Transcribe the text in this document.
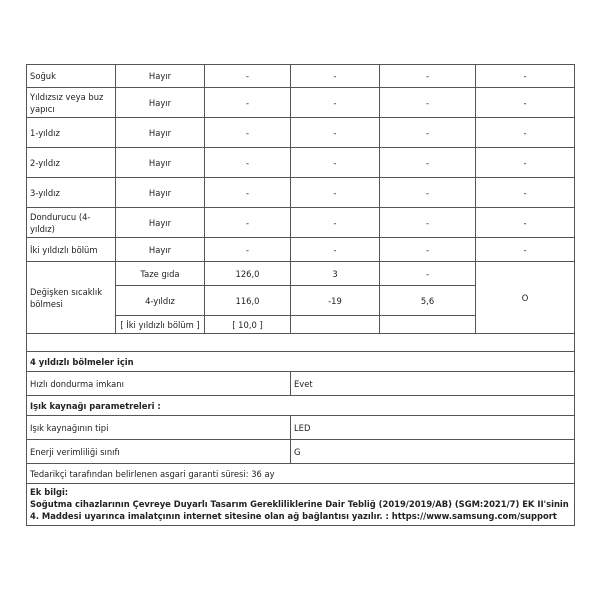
Soğuk	Hayır	-	-	-	-
Yıldızsız veya buz yapıcı	Hayır	-	-	-	-
1-yıldız	Hayır	-	-	-	-
2-yıldız	Hayır	-	-	-	-
3-yıldız	Hayır	-	-	-	-
Dondurucu (4-yıldız)	Hayır	-	-	-	-
İki yıldızlı bölüm	Hayır	-	-	-	-
Değişken sıcaklık bölmesi	Taze gıda	126,0	3	-	O
	4-yıldız	116,0	-19	5,6	
	[ İki yıldızlı bölüm ]	[ 10,0 ]			

4 yıldızlı bölmeler için					
Hızlı dondurma imkanı			Evet		
Işık kaynağı parametreleri :					
Işık kaynağının tipi			LED		
Enerji verimliliği sınıfı			G		
Tedarikçi tarafından belirlenen asgari garanti süresi: 36 ay					

Ek bilgi:
Soğutma cihazlarının Çevreye Duyarlı Tasarım Gerekliliklerine Dair Tebliğ (2019/2019/AB) (SGM:2021/7) EK II'sinin 4. Maddesi uyarınca imalatçının internet sitesine olan ağ bağlantısı yazılır. : https://www.samsung.com/support					
